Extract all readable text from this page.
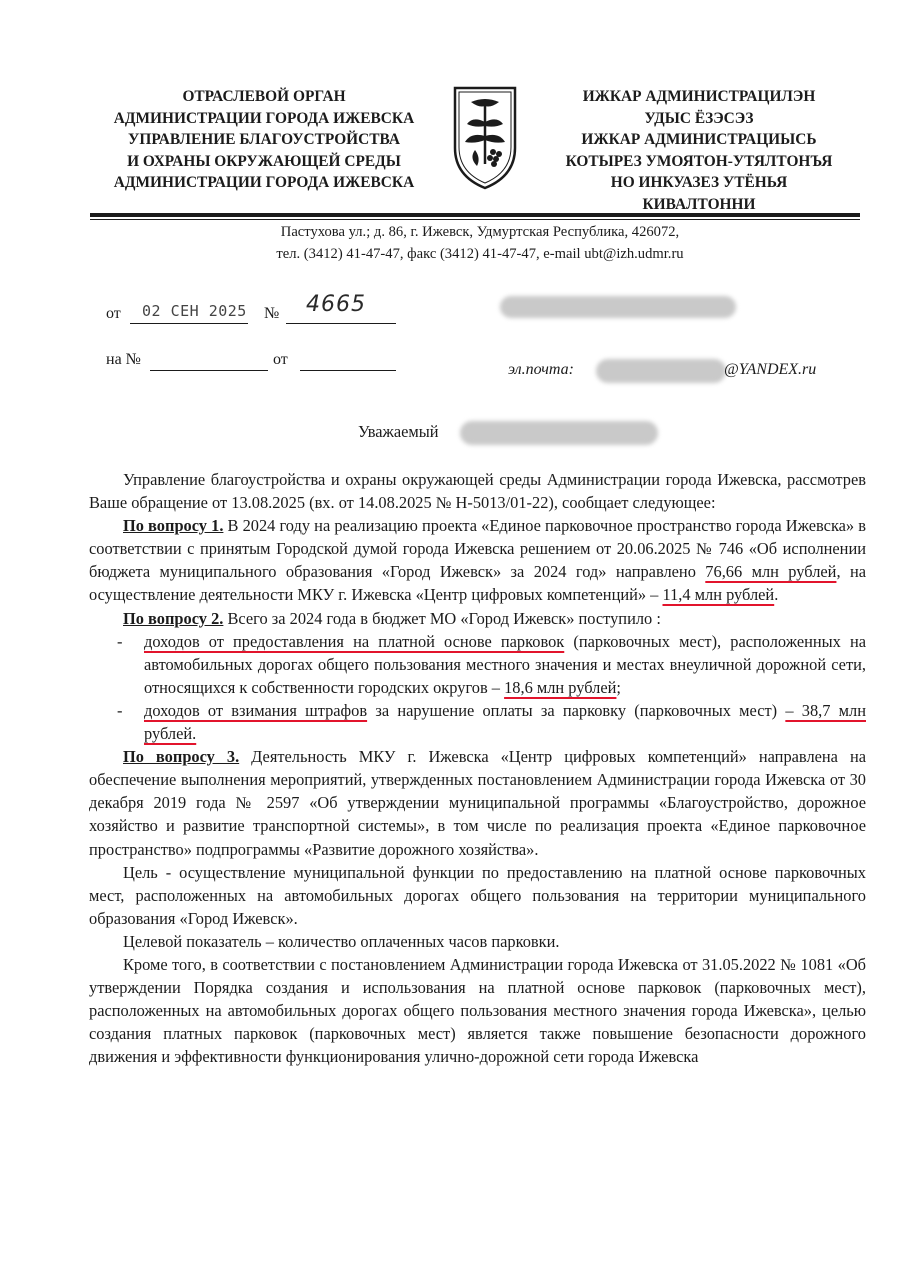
ОТРАСЛЕВОЙ ОРГАН
АДМИНИСТРАЦИИ ГОРОДА ИЖЕВСКА
УПРАВЛЕНИЕ БЛАГОУСТРОЙСТВА
И ОХРАНЫ ОКРУЖАЮЩЕЙ СРЕДЫ
АДМИНИСТРАЦИИ ГОРОДА ИЖЕВСКА
ИЖКАР АДМИНИСТРАЦИЛЭН
УДЫС ЁЗЭСЭЗ
ИЖКАР АДМИНИСТРАЦИЫСЬ
КОТЫРЕЗ УМОЯТОН-УТЯЛТОНЪЯ
НО ИНКУАЗЕЗ УТЁНЬЯ
КИВАЛТОННИ
Пастухова ул.; д. 86, г. Ижевск, Удмуртская Республика, 426072,
тел. (3412) 41-47-47, факс (3412) 41-47-47, e-mail ubt@izh.udmr.ru
от 02 СЕН 2025 № 4665
на №	от
эл.почта:	@YANDEX.ru
Уважаемый

Управление благоустройства и охраны окружающей среды Администрации города Ижевска, рассмотрев Ваше обращение от 13.08.2025 (вх. от 14.08.2025 № Н-5013/01-22), сообщает следующее:

По вопросу 1. В 2024 году на реализацию проекта «Единое парковочное пространство города Ижевска» в соответствии с принятым Городской думой города Ижевска решением от 20.06.2025 № 746 «Об исполнении бюджета муниципального образования «Город Ижевск» за 2024 год» направлено 76,66 млн рублей, на осуществление деятельности МКУ г. Ижевска «Центр цифровых компетенций» – 11,4 млн рублей.

По вопросу 2. Всего за 2024 года в бюджет МО «Город Ижевск» поступило :

- доходов от предоставления на платной основе парковок (парковочных мест), расположенных на автомобильных дорогах общего пользования местного значения и местах внеуличной дорожной сети, относящихся к собственности городских округов – 18,6 млн рублей;
- доходов от взимания штрафов за нарушение оплаты за парковку (парковочных мест) – 38,7 млн рублей.

По вопросу 3. Деятельность МКУ г. Ижевска «Центр цифровых компетенций» направлена на обеспечение выполнения мероприятий, утвержденных постановлением Администрации города Ижевска от 30 декабря 2019 года № 2597 «Об утверждении муниципальной программы «Благоустройство, дорожное хозяйство и развитие транспортной системы», в том числе по реализация проекта «Единое парковочное пространство» подпрограммы «Развитие дорожного хозяйства».

Цель - осуществление муниципальной функции по предоставлению на платной основе парковочных мест, расположенных на автомобильных дорогах общего пользования на территории муниципального образования «Город Ижевск».

Целевой показатель – количество оплаченных часов парковки.

Кроме того, в соответствии с постановлением Администрации города Ижевска от 31.05.2022 № 1081 «Об утверждении Порядка создания и использования на платной основе парковок (парковочных мест), расположенных на автомобильных дорогах общего пользования местного значения города Ижевска», целью создания платных парковок (парковочных мест) является также повышение безопасности дорожного движения и эффективности функционирования улично-дорожной сети города Ижевска
